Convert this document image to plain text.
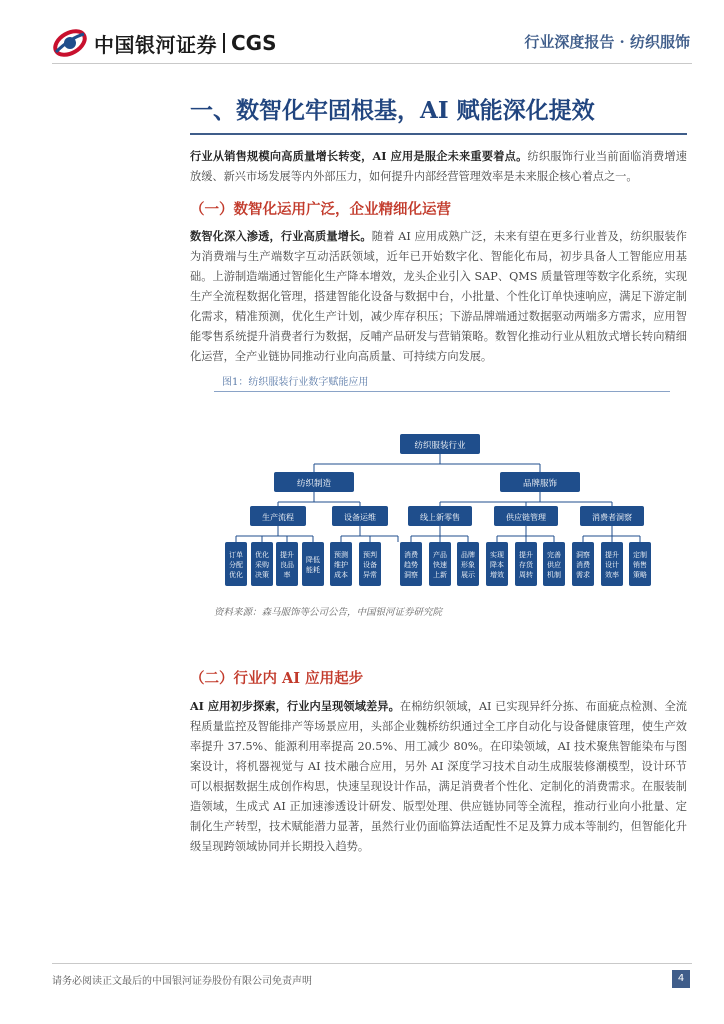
中国银河证券 CGS	行业深度报告 · 纺织服饰
一、数智化牢固根基，AI 赋能深化提效
行业从销售规模向高质量增长转变，AI 应用是服企未来重要着点。纺织服饰行业当前面临消费增速放缓、新兴市场发展等内外部压力，如何提升内部经营管理效率是未来服企核心着点之一。
（一）数智化运用广泛，企业精细化运营
数智化深入渗透，行业高质量增长。随着 AI 应用成熟广泛，未来有望在更多行业普及，纺织服装作为消费端与生产端数字互动活跃领域，近年已开始数字化、智能化布局，初步具备人工智能应用基础。上游制造端通过智能化生产降本增效，龙头企业引入 SAP、QMS 质量管理等数字化系统，实现生产全流程数据化管理，搭建智能化设备与数据中台，小批量、个性化订单快速响应，满足下游定制化需求，精准预测，优化生产计划，减少库存积压；下游品牌端通过数据驱动两端多方需求，应用智能零售系统提升消费者行为数据，反哺产品研发与营销策略。数智化推动行业从粗放式增长转向精细化运营，全产业链协同推动行业向高质量、可持续方向发展。
图1：纺织服装行业数字赋能应用
纺织服装行业
纺织制造	品牌服饰
生产流程	设备运维	线上新零售	供应链管理	消费者洞察
订单
分配
优化
优化
采购
决策
提升
良品
率
降低
能耗
预测
维护
成本
预判
设备
异常
消费
趋势
洞察
产品
快速
上新
品牌
形象
展示
实现
降本
增效
提升
存货
周转
完善
供应
机制
洞察
消费
需求
提升
设计
效率
定制
销售
策略
资料来源：森马服饰等公司公告，中国银河证券研究院
（二）行业内 AI 应用起步
AI 应用初步探索，行业内呈现领域差异。在棉纺织领域，AI 已实现异纤分拣、布面疵点检测、全流程质量监控及智能排产等场景应用，头部企业魏桥纺织通过全工序自动化与设备健康管理，使生产效率提升 37.5%、能源利用率提高 20.5%、用工减少 80%。在印染领域，AI 技术聚焦智能染布与图案设计，将机器视觉与 AI 技术融合应用，另外 AI 深度学习技术自动生成服装修潮模型，设计环节可以根据数据生成创作构思，快速呈现设计作品，满足消费者个性化、定制化的消费需求。在服装制造领域，生成式 AI 正加速渗透设计研发、版型处理、供应链协同等全流程，推动行业向小批量、定制化生产转型，技术赋能潜力显著，虽然行业仍面临算法适配性不足及算力成本等制约，但智能化升级呈现跨领域协同并长期投入趋势。
请务必阅读正文最后的中国银河证券股份有限公司免责声明	4
